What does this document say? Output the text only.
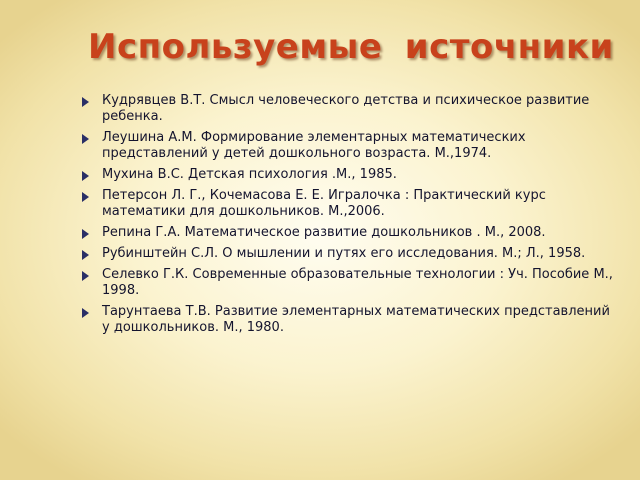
Используемые источники
Кудрявцев В.Т. Смысл человеческого детства и психическое развитие ребенка.
Леушина А.М. Формирование элементарных математических представлений у детей дошкольного возраста. М.,1974.
Мухина В.С. Детская психология .М., 1985.
Петерсон Л. Г., Кочемасова Е. Е. Игралочка : Практический курс математики для дошкольников. М.,2006.
Репина Г.А. Математическое развитие дошкольников . М., 2008.
Рубинштейн С.Л. О мышлении и путях его исследования. М.; Л., 1958.
Селевко Г.К. Современные образовательные технологии : Уч. Пособие М., 1998.
Тарунтаева Т.В. Развитие элементарных математических представлений у дошкольников. М., 1980.
